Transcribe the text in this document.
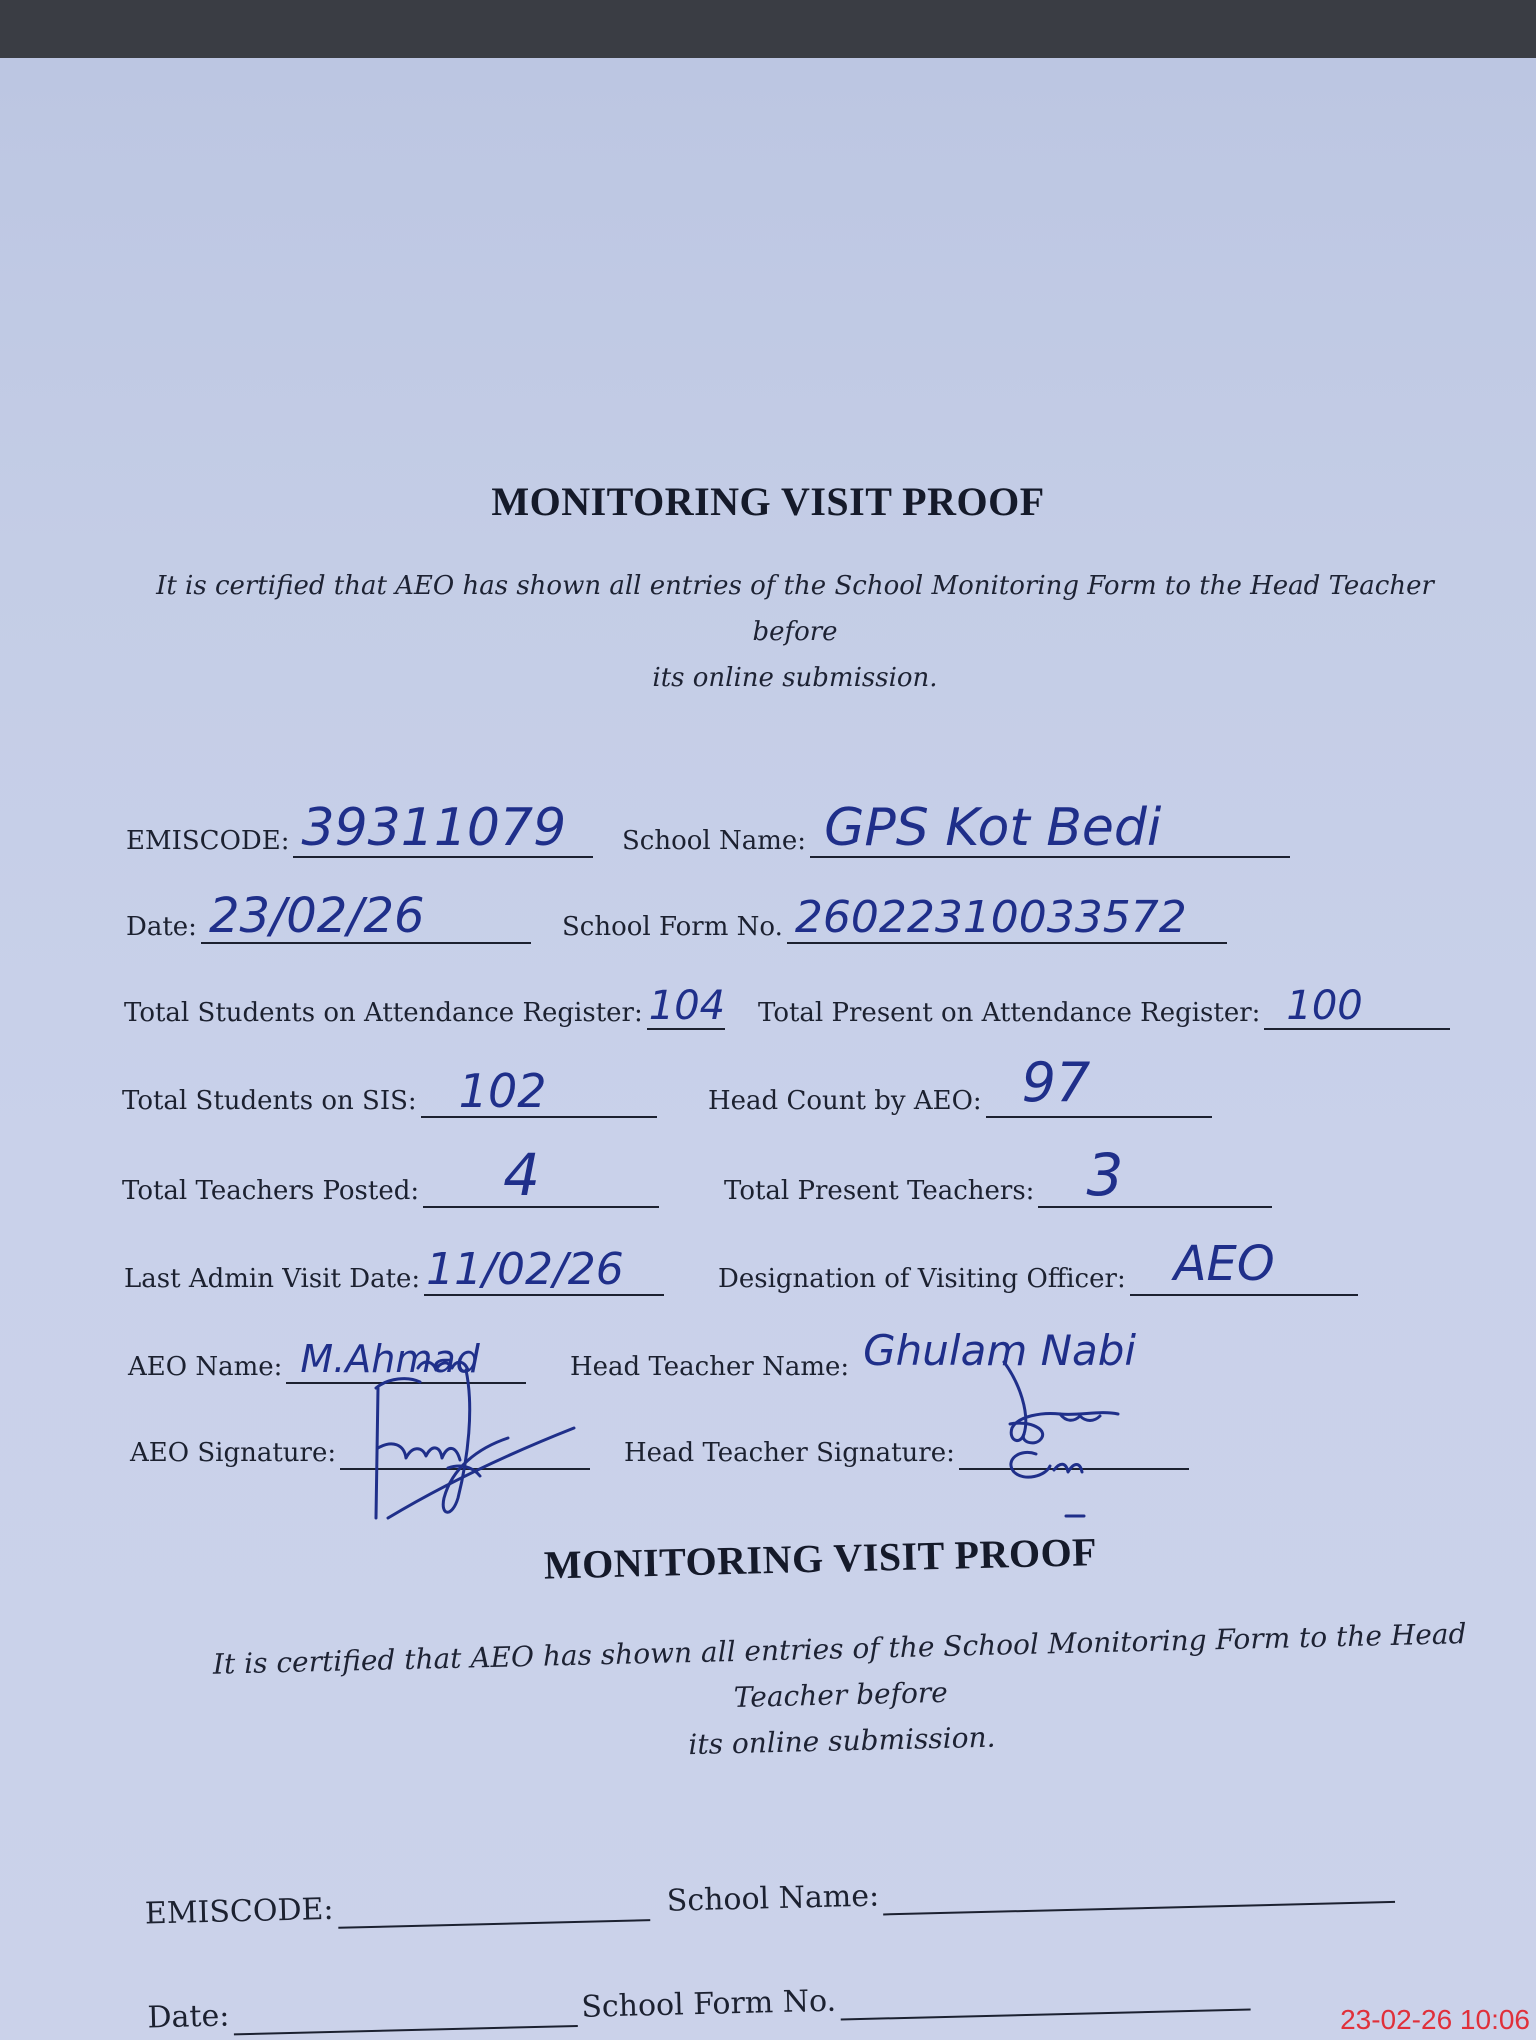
MONITORING VISIT PROOF
It is certified that AEO has shown all entries of the School Monitoring Form to the Head Teacher before
its online submission.
EMISCODE: 39311079 School Name: GPS Kot Bedi
Date: 23/02/26	School Form No. 26022310033572
Total Students on Attendance Register: 104 Total Present on Attendance Register: 100
Total Students on SIS: 102	Head Count by AEO: 97
Total Teachers Posted: 4	Total Present Teachers: 3
Last Admin Visit Date: 11/02/26	Designation of Visiting Officer: AEO
AEO Name: M.Ahmad	Head Teacher Name: Ghulam Nabi
AEO Signature:	Head Teacher Signature:
MONITORING VISIT PROOF
It is certified that AEO has shown all entries of the School Monitoring Form to the Head Teacher before
its online submission.
EMISCODE:	School Name:
Date:	School Form No.	23-02-26 10:06
